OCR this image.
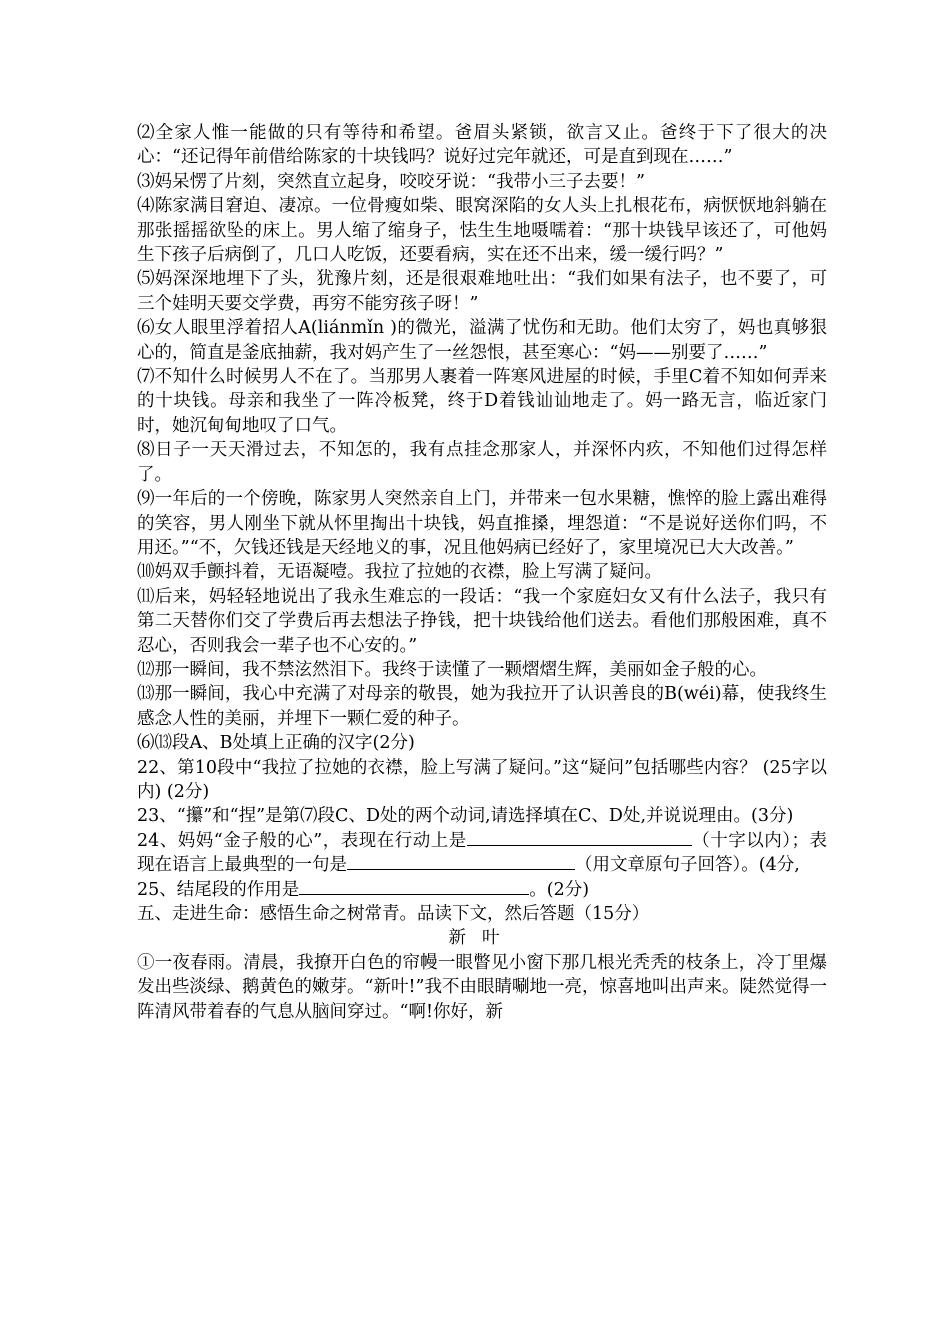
⑵全家人惟一能做的只有等待和希望。爸眉头紧锁，欲言又止。爸终于下了很大的决心：“还记得年前借给陈家的十块钱吗？说好过完年就还，可是直到现在……”

⑶妈呆愣了片刻，突然直立起身，咬咬牙说：“我带小三子去要！”

⑷陈家满目窘迫、凄凉。一位骨瘦如柴、眼窝深陷的女人头上扎根花布，病恹恹地斜躺在那张摇摇欲坠的床上。男人缩了缩身子，怯生生地嗫嚅着：“那十块钱早该还了，可他妈生下孩子后病倒了，几口人吃饭，还要看病，实在还不出来，缓一缓行吗？”

⑸妈深深地埋下了头，犹豫片刻，还是很艰难地吐出：“我们如果有法子，也不要了，可三个娃明天要交学费，再穷不能穷孩子呀！”

⑹女人眼里浮着招人A(liánmǐn )的微光，溢满了忧伤和无助。他们太穷了，妈也真够狠心的，简直是釜底抽薪，我对妈产生了一丝怨恨，甚至寒心：“妈——别要了……”

⑺不知什么时候男人不在了。当那男人裹着一阵寒风进屋的时候，手里C着不知如何弄来的十块钱。母亲和我坐了一阵冷板凳，终于D着钱讪讪地走了。妈一路无言，临近家门时，她沉甸甸地叹了口气。

⑻日子一天天滑过去，不知怎的，我有点挂念那家人，并深怀内疚，不知他们过得怎样了。

⑼一年后的一个傍晚，陈家男人突然亲自上门，并带来一包水果糖，憔悴的脸上露出难得的笑容，男人刚坐下就从怀里掏出十块钱，妈直推搡，埋怨道：“不是说好送你们吗，不用还。”“不，欠钱还钱是天经地义的事，况且他妈病已经好了，家里境况已大大改善。”

⑽妈双手颤抖着，无语凝噎。我拉了拉她的衣襟，脸上写满了疑问。

⑾后来，妈轻轻地说出了我永生难忘的一段话：“我一个家庭妇女又有什么法子，我只有第二天替你们交了学费后再去想法子挣钱，把十块钱给他们送去。看他们那般困难，真不忍心，否则我会一辈子也不心安的。”

⑿那一瞬间，我不禁泫然泪下。我终于读懂了一颗熠熠生辉，美丽如金子般的心。

⒀那一瞬间，我心中充满了对母亲的敬畏，她为我拉开了认识善良的B(wéi)幕，使我终生感念人性的美丽，并埋下一颗仁爱的种子。

⑹⒀段A、B处填上正确的汉字(2分)

22、第10段中“我拉了拉她的衣襟，脸上写满了疑问。”这“疑问”包括哪些内容？ (25字以内) (2分)

23、“攥”和“捏”是第⑺段C、D处的两个动词,请选择填在C、D处,并说说理由。(3分)

24、妈妈“金子般的心”，表现在行动上是	（十字以内）；表现在语言上最典型的一句是	（用文章原句子回答）。(4分,

25、结尾段的作用是	。(2分)

五、走进生命：感悟生命之树常青。品读下文，然后答题（15分）

新叶

①一夜春雨。清晨，我撩开白色的帘幔一眼瞥见小窗下那几根光秃秃的枝条上，冷丁里爆发出些淡绿、鹅黄色的嫩芽。“新叶!”我不由眼睛唰地一亮，惊喜地叫出声来。陡然觉得一阵清风带着春的气息从脑间穿过。“啊!你好，新
